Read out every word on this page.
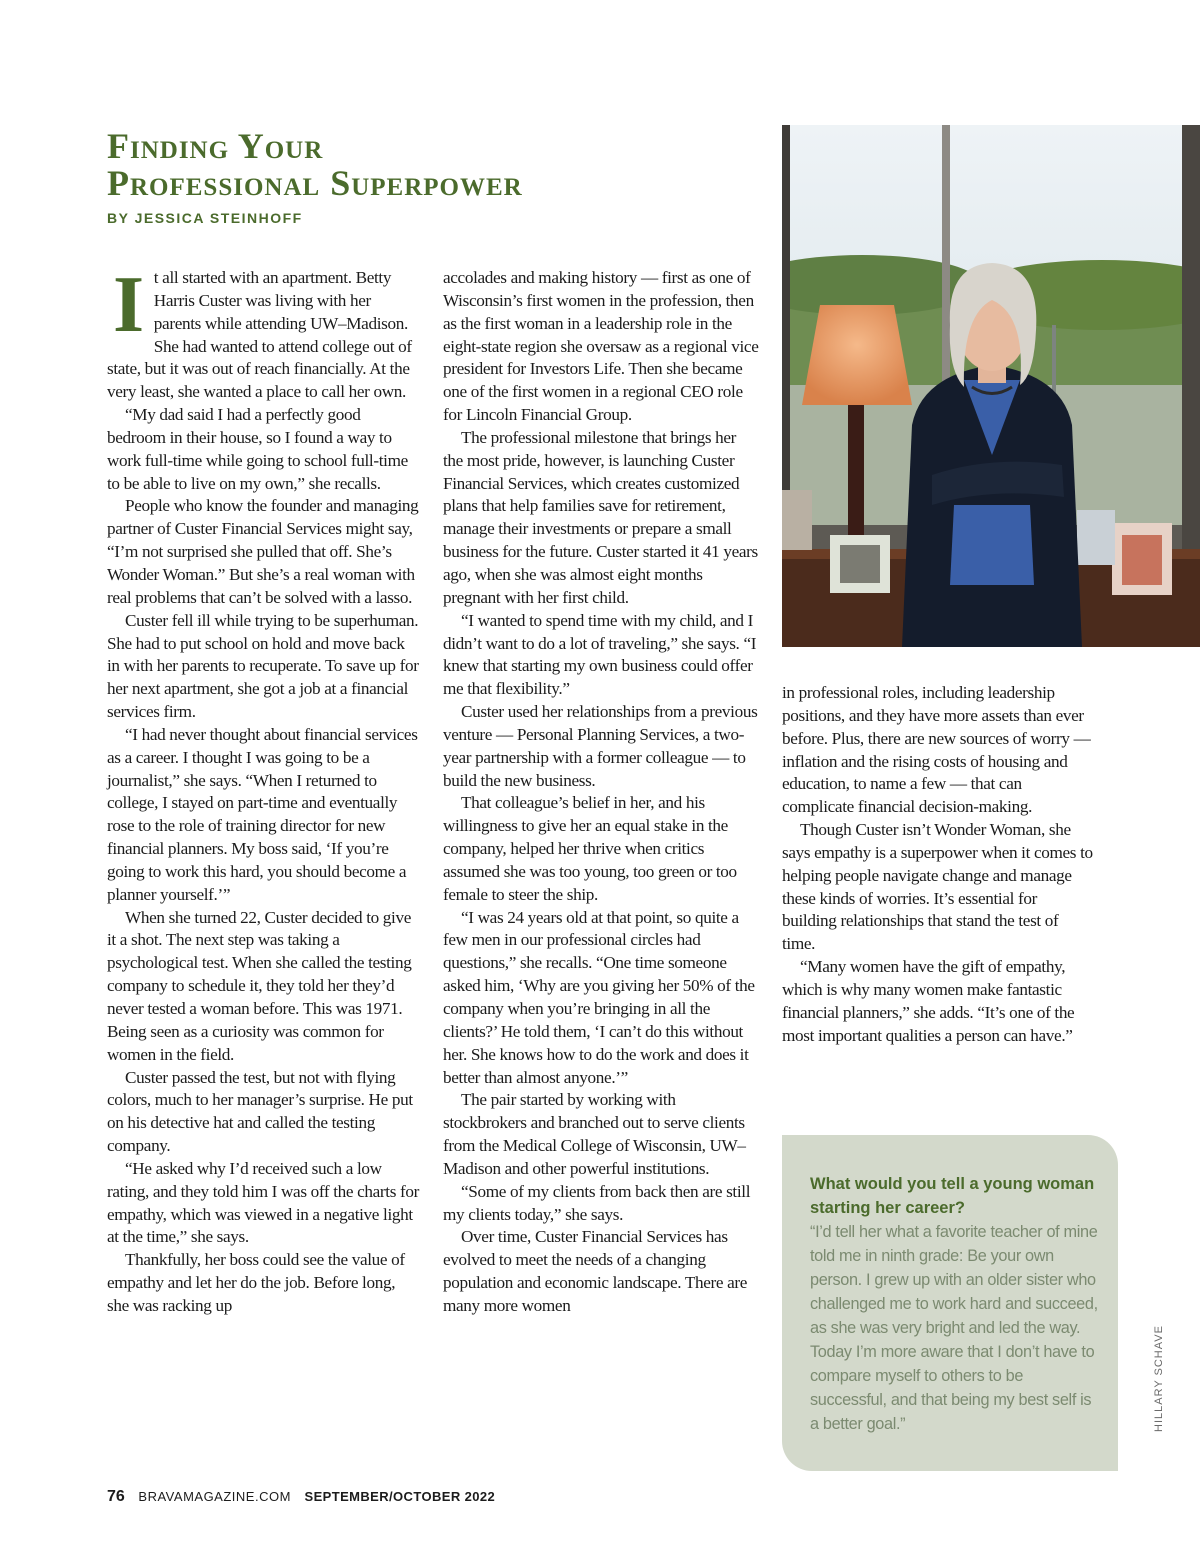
Finding Your
Professional Superpower
BY JESSICA STEINHOFF

It all started with an apartment. Betty Harris Custer was living with her parents while attending UW–Madison. She had wanted to attend college out of state, but it was out of reach financially. At the very least, she wanted a place to call her own.

“My dad said I had a perfectly good bedroom in their house, so I found a way to work full-time while going to school full-time to be able to live on my own,” she recalls.

People who know the founder and managing partner of Custer Financial Services might say, “I’m not surprised she pulled that off. She’s Wonder Woman.” But she’s a real woman with real problems that can’t be solved with a lasso.

Custer fell ill while trying to be superhuman. She had to put school on hold and move back in with her parents to recuperate. To save up for her next apartment, she got a job at a financial services firm.

“I had never thought about financial services as a career. I thought I was going to be a journalist,” she says. “When I returned to college, I stayed on part-time and eventually rose to the role of training director for new financial planners. My boss said, ‘If you’re going to work this hard, you should become a planner yourself.’”

When she turned 22, Custer decided to give it a shot. The next step was taking a psychological test. When she called the testing company to schedule it, they told her they’d never tested a woman before. This was 1971. Being seen as a curiosity was common for women in the field.

Custer passed the test, but not with flying colors, much to her manager’s surprise. He put on his detective hat and called the testing company.

“He asked why I’d received such a low rating, and they told him I was off the charts for empathy, which was viewed in a negative light at the time,” she says.

Thankfully, her boss could see the value of empathy and let her do the job. Before long, she was racking up

accolades and making history — first as one of Wisconsin’s first women in the profession, then as the first woman in a leadership role in the eight-state region she oversaw as a regional vice president for Investors Life. Then she became one of the first women in a regional CEO role for Lincoln Financial Group.

The professional milestone that brings her the most pride, however, is launching Custer Financial Services, which creates customized plans that help families save for retirement, manage their investments or prepare a small business for the future. Custer started it 41 years ago, when she was almost eight months pregnant with her first child.

“I wanted to spend time with my child, and I didn’t want to do a lot of traveling,” she says. “I knew that starting my own business could offer me that flexibility.”

Custer used her relationships from a previous venture — Personal Planning Services, a two-year partnership with a former colleague — to build the new business.

That colleague’s belief in her, and his willingness to give her an equal stake in the company, helped her thrive when critics assumed she was too young, too green or too female to steer the ship.

“I was 24 years old at that point, so quite a few men in our professional circles had questions,” she recalls. “One time someone asked him, ‘Why are you giving her 50% of the company when you’re bringing in all the clients?’ He told them, ‘I can’t do this without her. She knows how to do the work and does it better than almost anyone.’”

The pair started by working with stockbrokers and branched out to serve clients from the Medical College of Wisconsin, UW–Madison and other powerful institutions.

“Some of my clients from back then are still my clients today,” she says.

Over time, Custer Financial Services has evolved to meet the needs of a changing population and economic landscape. There are many more women

in professional roles, including leadership positions, and they have more assets than ever before. Plus, there are new sources of worry — inflation and the rising costs of housing and education, to name a few — that can complicate financial decision-making.

Though Custer isn’t Wonder Woman, she says empathy is a superpower when it comes to helping people navigate change and manage these kinds of worries. It’s essential for building relationships that stand the test of time.

“Many women have the gift of empathy, which is why many women make fantastic financial planners,” she adds. “It’s one of the most important qualities a person can have.”

What would you tell a young woman starting her career?

“I’d tell her what a favorite teacher of mine told me in ninth grade: Be your own person. I grew up with an older sister who challenged me to work hard and succeed, as she was very bright and led the way. Today I’m more aware that I don’t have to compare myself to others to be successful, and that being my best self is a better goal.”	HILLARY SCHAVE
76 BRAVAMAGAZINE.COM SEPTEMBER/OCTOBER 2022
